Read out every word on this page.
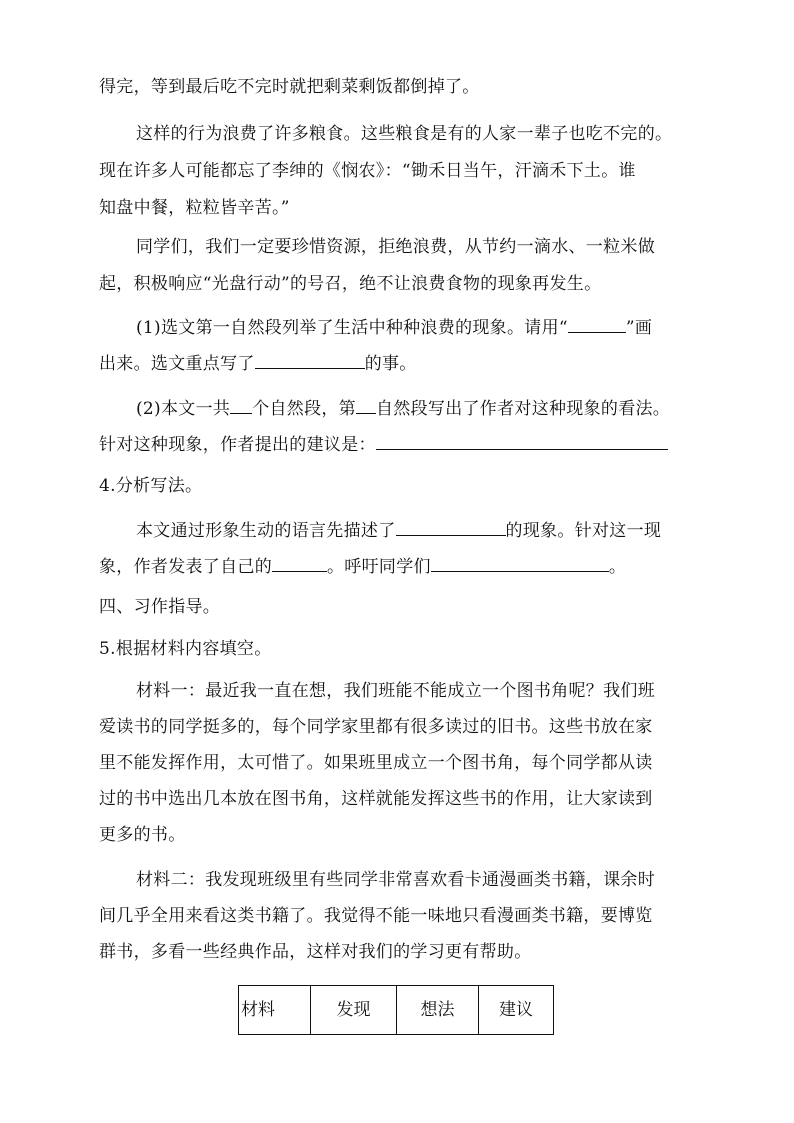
得完，等到最后吃不完时就把剩菜剩饭都倒掉了。
这样的行为浪费了许多粮食。这些粮食是有的人家一辈子也吃不完的。
现在许多人可能都忘了李绅的《悯农》：“锄禾日当午，汗滴禾下土。谁
知盘中餐，粒粒皆辛苦。”
同学们，我们一定要珍惜资源，拒绝浪费，从节约一滴水、一粒米做
起，积极响应“光盘行动”的号召，绝不让浪费食物的现象再发生。
(1)选文第一自然段列举了生活中种种浪费的现象。请用“	”画
出来。选文重点写了	的事。
(2)本文一共 个自然段，第 自然段写出了作者对这种现象的看法。
针对这种现象，作者提出的建议是：
4.分析写法。
本文通过形象生动的语言先描述了	的现象。针对这一现
象，作者发表了自己的	。呼吁同学们	。
四、习作指导。
5.根据材料内容填空。
材料一：最近我一直在想，我们班能不能成立一个图书角呢？我们班
爱读书的同学挺多的，每个同学家里都有很多读过的旧书。这些书放在家
里不能发挥作用，太可惜了。如果班里成立一个图书角，每个同学都从读
过的书中选出几本放在图书角，这样就能发挥这些书的作用，让大家读到
更多的书。
材料二：我发现班级里有些同学非常喜欢看卡通漫画类书籍，课余时
间几乎全用来看这类书籍了。我觉得不能一味地只看漫画类书籍，要博览
群书，多看一些经典作品，这样对我们的学习更有帮助。
材料	发现	想法	建议
